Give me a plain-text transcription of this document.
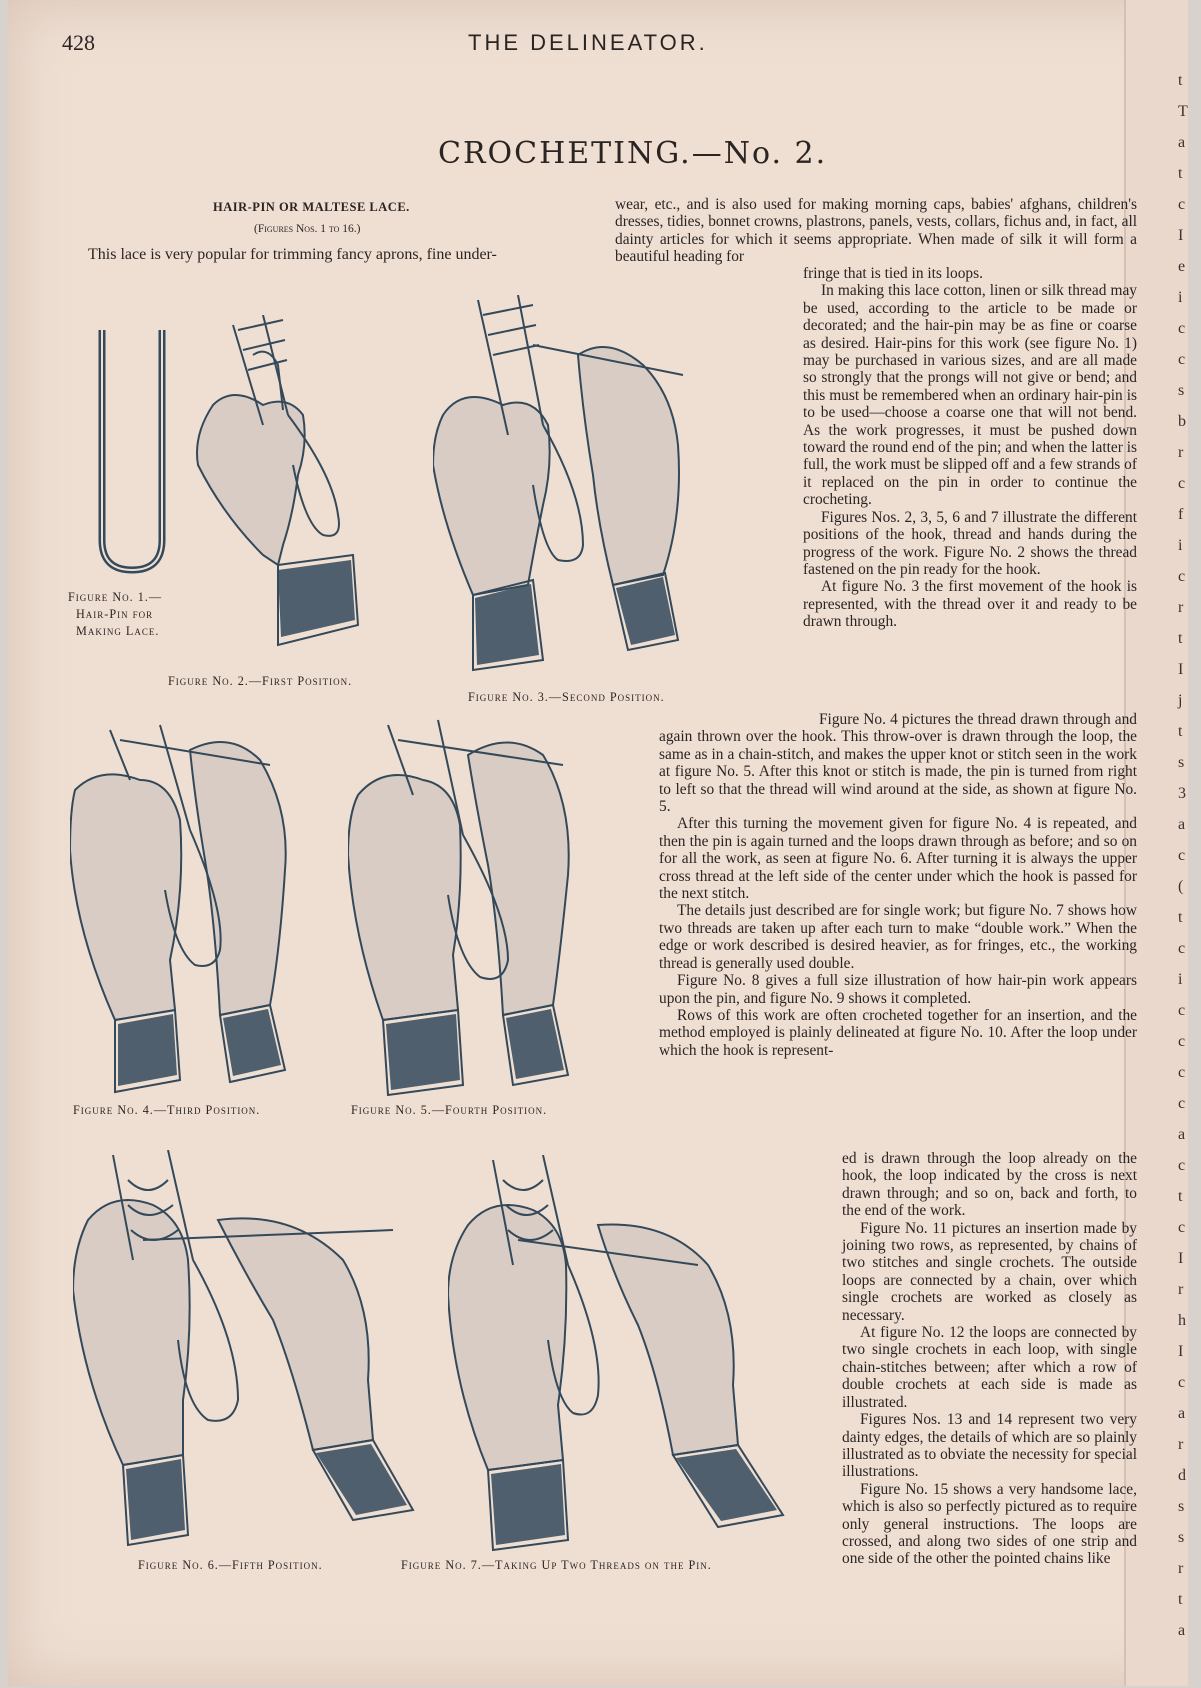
428	THE DELINEATOR.
CROCHETING.—No. 2.
HAIR-PIN OR MALTESE LACE.
(Figures Nos. 1 to 16.)
This lace is very popular for trimming fancy aprons, fine under-
Figure No. 1.—
Hair-Pin for
Making Lace.
Figure No. 2.—First Position.
Figure No. 3.—Second Position.
Figure No. 4.—Third Position.	Figure No. 5.—Fourth Position.
Figure No. 6.—Fifth Position.	Figure No. 7.—Taking Up Two Threads on the Pin.

wear, etc., and is also used for making morning caps, babies' afghans, children's dresses, tidies, bonnet crowns, plastrons, panels, vests, collars, fichus and, in fact, all dainty articles for which it seems appropriate. When made of silk it will form a beautiful heading for

fringe that is tied in its loops.

In making this lace cotton, linen or silk thread may be used, according to the article to be made or decorated; and the hair-pin may be as fine or coarse as desired. Hair-pins for this work (see figure No. 1) may be purchased in various sizes, and are all made so strongly that the prongs will not give or bend; and this must be remembered when an ordinary hair-pin is to be used—choose a coarse one that will not bend. As the work progresses, it must be pushed down toward the round end of the pin; and when the latter is full, the work must be slipped off and a few strands of it replaced on the pin in order to continue the crocheting.

Figures Nos. 2, 3, 5, 6 and 7 illustrate the different positions of the hook, thread and hands during the progress of the work. Figure No. 2 shows the thread fastened on the pin ready for the hook.

At figure No. 3 the first movement of the hook is represented, with the thread over it and ready to be drawn through.

Figure No. 4 pictures the thread drawn through and again thrown over the hook. This throw-over is drawn through the loop, the same as in a chain-stitch, and makes the upper knot or stitch seen in the work at figure No. 5. After this knot or stitch is made, the pin is turned from right to left so that the thread will wind around at the side, as shown at figure No. 5.

After this turning the movement given for figure No. 4 is repeated, and then the pin is again turned and the loops drawn through as before; and so on for all the work, as seen at figure No. 6. After turning it is always the upper cross thread at the left side of the center under which the hook is passed for the next stitch.

The details just described are for single work; but figure No. 7 shows how two threads are taken up after each turn to make “double work.” When the edge or work described is desired heavier, as for fringes, etc., the working thread is generally used double.

Figure No. 8 gives a full size illustration of how hair-pin work appears upon the pin, and figure No. 9 shows it completed.

Rows of this work are often crocheted together for an insertion, and the method employed is plainly delineated at figure No. 10. After the loop under which the hook is represent-

ed is drawn through the loop already on the hook, the loop indicated by the cross is next drawn through; and so on, back and forth, to the end of the work.

Figure No. 11 pictures an insertion made by joining two rows, as represented, by chains of two stitches and single crochets. The outside loops are connected by a chain, over which single crochets are worked as closely as necessary.

At figure No. 12 the loops are connected by two single crochets in each loop, with single chain-stitches between; after which a row of double crochets at each side is made as illustrated.

Figures Nos. 13 and 14 represent two very dainty edges, the details of which are so plainly illustrated as to obviate the necessity for special illustrations.

Figure No. 15 shows a very handsome lace, which is also so perfectly pictured as to require only general instructions. The loops are crossed, and along two sides of one strip and one side of the other the pointed chains like

t
T
a
t
c
I
e
i
c
c
s
b
r
c
f
i
c
r
t
I
j
t
s
3
a
c
(
t
c
i
c
c
c
c
a
c
t
c
I
r
h
I
c
a
r
d
s
s
r
t
a
